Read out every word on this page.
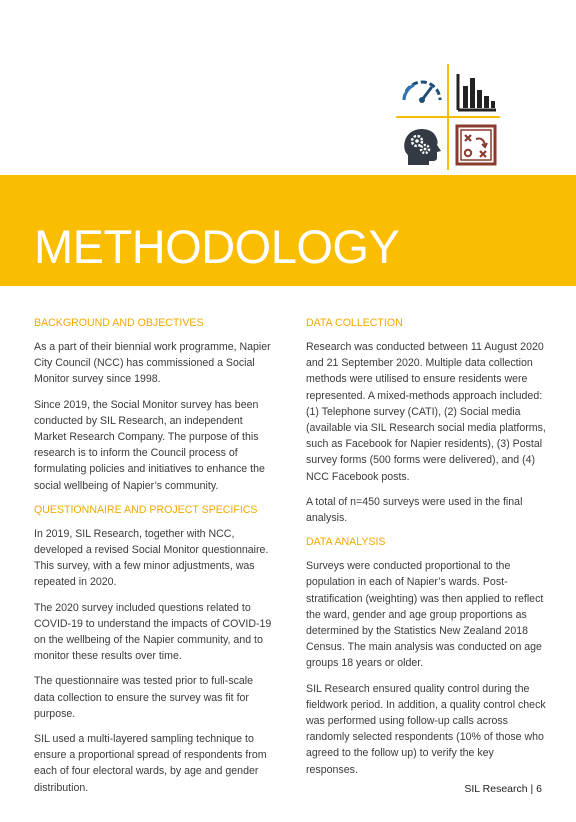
METHODOLOGY
BACKGROUND AND OBJECTIVES

As a part of their biennial work programme, Napier City Council (NCC) has commissioned a Social Monitor survey since 1998.

Since 2019, the Social Monitor survey has been conducted by SIL Research, an independent Market Research Company. The purpose of this research is to inform the Council process of formulating policies and initiatives to enhance the social wellbeing of Napier’s community.

QUESTIONNAIRE AND PROJECT SPECIFICS

In 2019, SIL Research, together with NCC, developed a revised Social Monitor questionnaire. This survey, with a few minor adjustments, was repeated in 2020.

The 2020 survey included questions related to COVID-19 to understand the impacts of COVID-19 on the wellbeing of the Napier community, and to monitor these results over time.

The questionnaire was tested prior to full-scale data collection to ensure the survey was fit for purpose.

SIL used a multi-layered sampling technique to ensure a proportional spread of respondents from each of four electoral wards, by age and gender distribution.

DATA COLLECTION

Research was conducted between 11 August 2020 and 21 September 2020. Multiple data collection methods were utilised to ensure residents were represented. A mixed-methods approach included: (1) Telephone survey (CATI), (2) Social media (available via SIL Research social media platforms, such as Facebook for Napier residents), (3) Postal survey forms (500 forms were delivered), and (4) NCC Facebook posts.

A total of n=450 surveys were used in the final analysis.

DATA ANALYSIS

Surveys were conducted proportional to the population in each of Napier’s wards. Post-stratification (weighting) was then applied to reflect the ward, gender and age group proportions as determined by the Statistics New Zealand 2018 Census. The main analysis was conducted on age groups 18 years or older.

SIL Research ensured quality control during the fieldwork period. In addition, a quality control check was performed using follow-up calls across randomly selected respondents (10% of those who agreed to the follow up) to verify the key responses.

SIL Research | 6
